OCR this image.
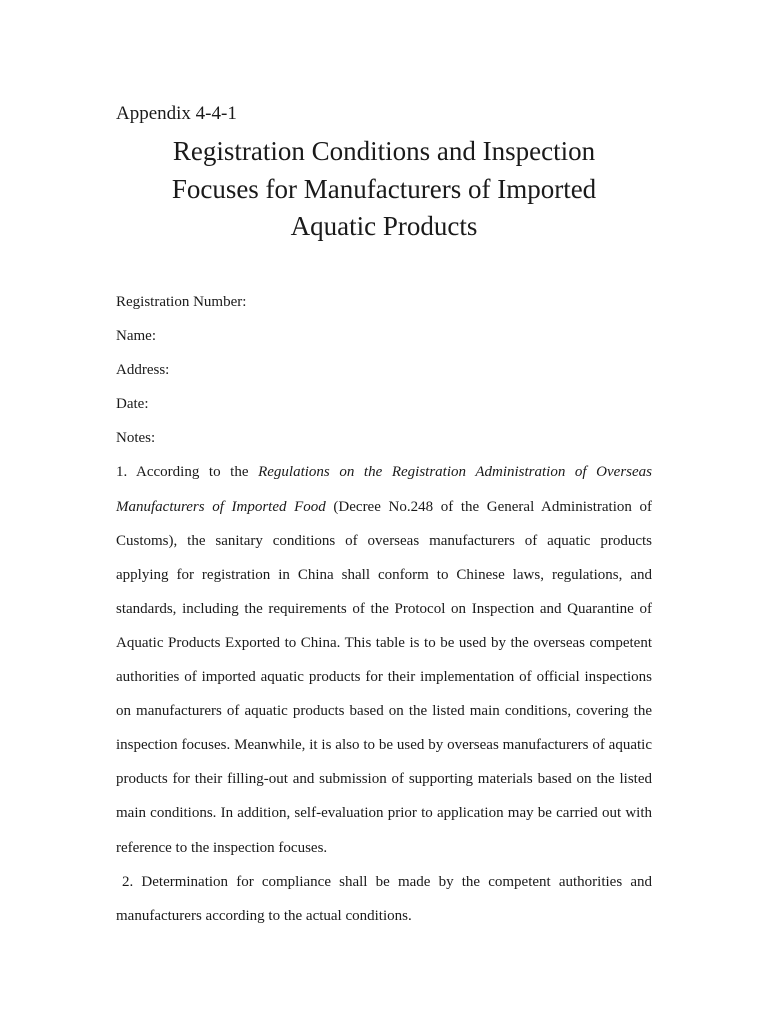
Appendix 4-4-1
Registration Conditions and Inspection
Focuses for Manufacturers of Imported
Aquatic Products

Registration Number:

Name:

Address:

Date:

Notes:

1. According to the Regulations on the Registration Administration of Overseas Manufacturers of Imported Food (Decree No.248 of the General Administration of Customs), the sanitary conditions of overseas manufacturers of aquatic products applying for registration in China shall conform to Chinese laws, regulations, and standards, including the requirements of the Protocol on Inspection and Quarantine of Aquatic Products Exported to China. This table is to be used by the overseas competent authorities of imported aquatic products for their implementation of official inspections on manufacturers of aquatic products based on the listed main conditions, covering the inspection focuses. Meanwhile, it is also to be used by overseas manufacturers of aquatic products for their filling-out and submission of supporting materials based on the listed main conditions. In addition, self-evaluation prior to application may be carried out with reference to the inspection focuses.

2. Determination for compliance shall be made by the competent authorities and manufacturers according to the actual conditions.
